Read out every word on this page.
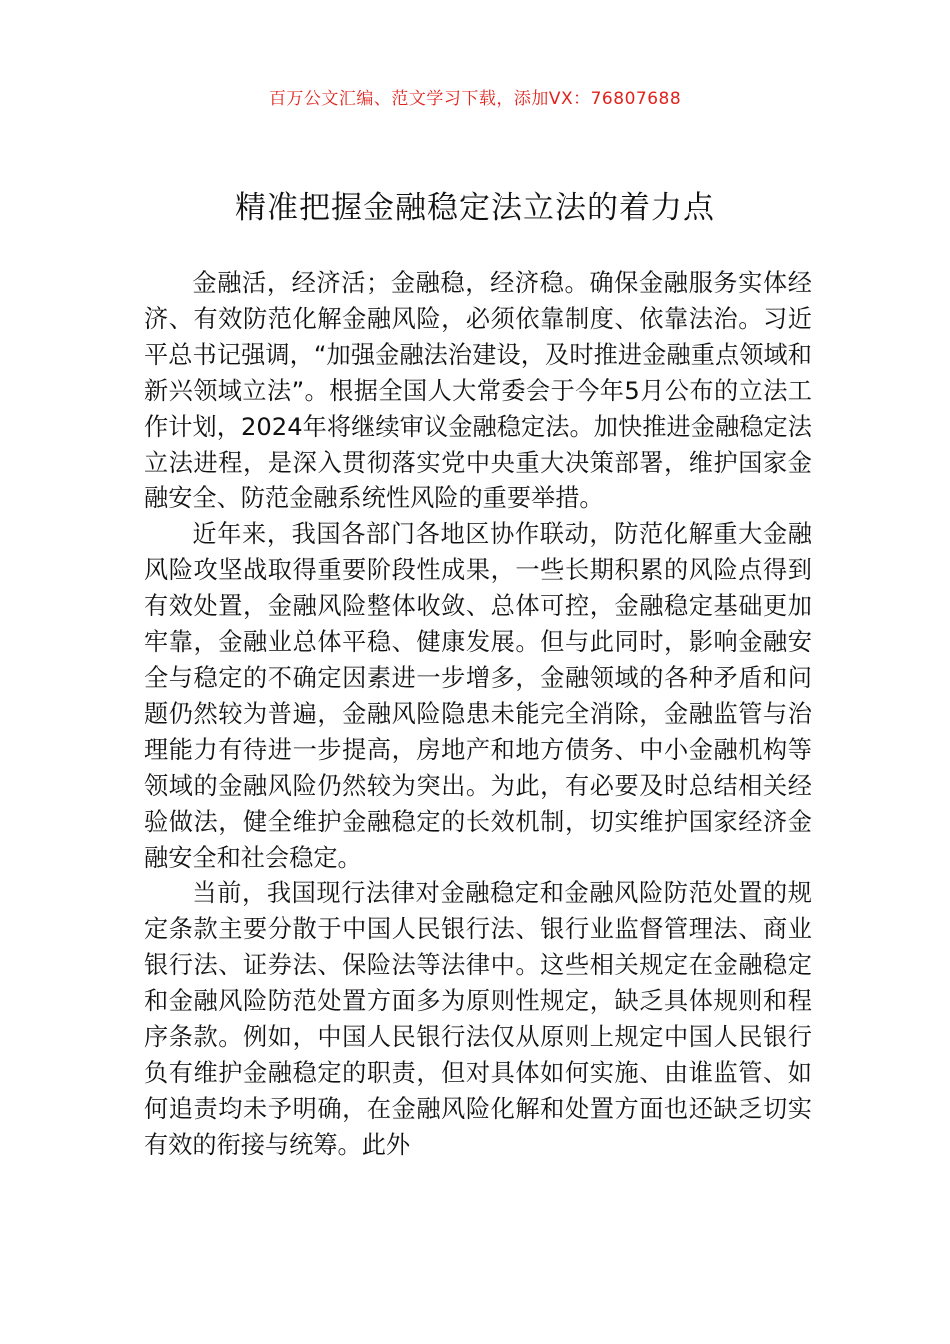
百万公文汇编、范文学习下载，添加VX：76807688
精准把握金融稳定法立法的着力点

金融活，经济活；金融稳，经济稳。确保金融服务实体经济、有效防范化解金融风险，必须依靠制度、依靠法治。习近平总书记强调，“加强金融法治建设，及时推进金融重点领域和新兴领域立法”。根据全国人大常委会于今年5月公布的立法工作计划，2024年将继续审议金融稳定法。加快推进金融稳定法立法进程，是深入贯彻落实党中央重大决策部署，维护国家金融安全、防范金融系统性风险的重要举措。

近年来，我国各部门各地区协作联动，防范化解重大金融风险攻坚战取得重要阶段性成果，一些长期积累的风险点得到有效处置，金融风险整体收敛、总体可控，金融稳定基础更加牢靠，金融业总体平稳、健康发展。但与此同时，影响金融安全与稳定的不确定因素进一步增多，金融领域的各种矛盾和问题仍然较为普遍，金融风险隐患未能完全消除，金融监管与治理能力有待进一步提高，房地产和地方债务、中小金融机构等领域的金融风险仍然较为突出。为此，有必要及时总结相关经验做法，健全维护金融稳定的长效机制，切实维护国家经济金融安全和社会稳定。

当前，我国现行法律对金融稳定和金融风险防范处置的规定条款主要分散于中国人民银行法、银行业监督管理法、商业银行法、证券法、保险法等法律中。这些相关规定在金融稳定和金融风险防范处置方面多为原则性规定，缺乏具体规则和程序条款。例如，中国人民银行法仅从原则上规定中国人民银行负有维护金融稳定的职责，但对具体如何实施、由谁监管、如何追责均未予明确，在金融风险化解和处置方面也还缺乏切实有效的衔接与统筹。此外
